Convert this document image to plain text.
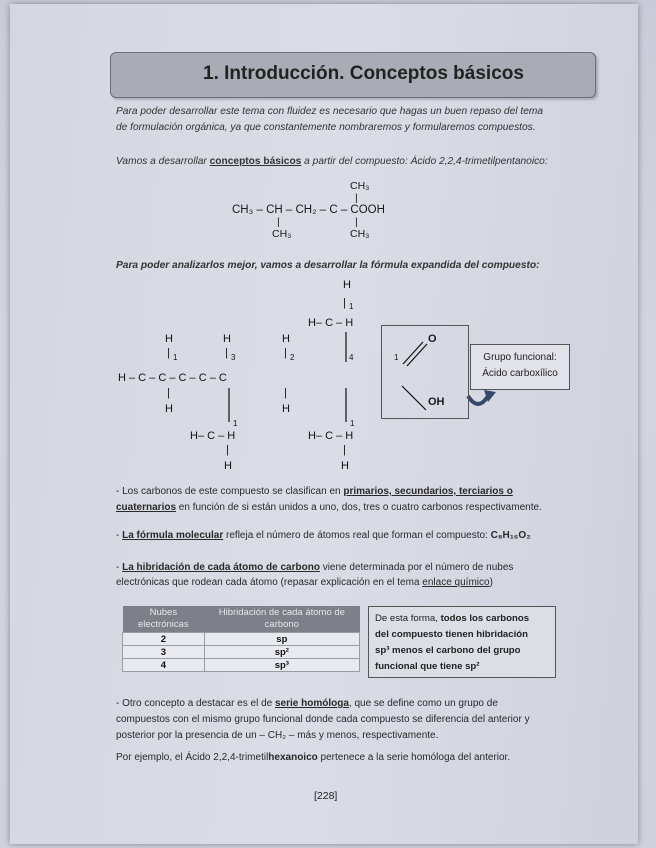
1. Introducción. Conceptos básicos
Para poder desarrollar este tema con fluidez es necesario que hagas un buen repaso del tema
de formulación orgánica, ya que constantemente nombraremos y formularemos compuestos.
Vamos a desarrollar conceptos básicos a partir del compuesto: Ácido 2,2,4-trimetilpentanoico:
CH₃
|
CH₃ – CH – CH₂ – C – COOH
|	|
CH₃	CH₃
Para poder analizarlos mejor, vamos a desarrollar la fórmula expandida del compuesto:
H
| 1
H– C – H
H
| 1
H
| 3
H
| 2	4	1
H – C – C – C – C – C
|
H
|
H
1
H– C – H
|
H
1
H– C – H
|
H
O
OH
Grupo funcional:
Ácido carboxílico
- Los carbonos de este compuesto se clasifican en primarios, secundarios, terciarios o
cuaternarios en función de si están unidos a uno, dos, tres o cuatro carbonos respectivamente.
- La fórmula molecular refleja el número de átomos real que forman el compuesto: C₈H₁₆O₂
- La hibridación de cada átomo de carbono viene determinada por el número de nubes
electrónicas que rodean cada átomo (repasar explicación en el tema enlace químico)
Nubes electrónicas	Hibridación de cada átomo de carbono
2	sp
3	sp²
4	sp³
De esta forma, todos los carbonos
del compuesto tienen hibridación
sp³ menos el carbono del grupo
funcional que tiene sp²
- Otro concepto a destacar es el de serie homóloga, que se define como un grupo de
compuestos con el mismo grupo funcional donde cada compuesto se diferencia del anterior y
posterior por la presencia de un – CH₂ – más y menos, respectivamente.
Por ejemplo, el Ácido 2,2,4-trimetilhexanoico pertenece a la serie homóloga del anterior.
[228]
